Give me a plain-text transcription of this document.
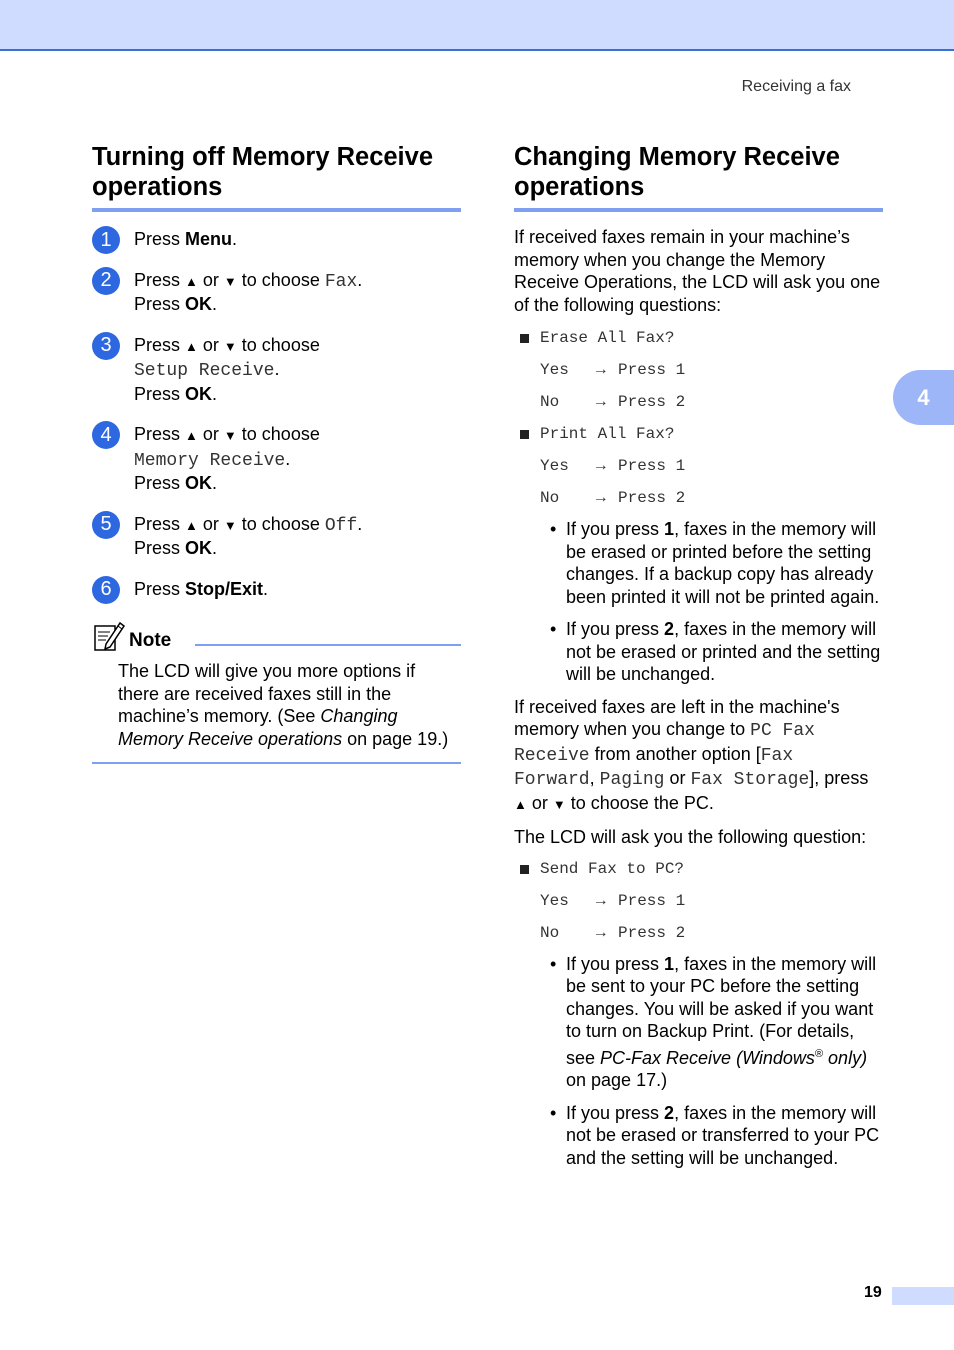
Receiving a fax
4
Turning off Memory Receive operations
1	Press Menu.
2	Press ▲ or ▼ to choose Fax.
Press OK.
3	Press ▲ or ▼ to choose
Setup Receive.
Press OK.
4	Press ▲ or ▼ to choose
Memory Receive.
Press OK.
5	Press ▲ or ▼ to choose Off.
Press OK.
6	Press Stop/Exit.
Note
The LCD will give you more options if there are received faxes still in the machine’s memory. (See Changing Memory Receive operations on page 19.)
Changing Memory Receive operations
If received faxes remain in your machine’s memory when you change the Memory Receive Operations, the LCD will ask you one of the following questions:
Erase All Fax?
Yes	→ Press 1
No	→ Press 2
Print All Fax?
Yes	→ Press 1
No	→ Press 2
• If you press 1, faxes in the memory will be erased or printed before the setting changes. If a backup copy has already been printed it will not be printed again.
• If you press 2, faxes in the memory will not be erased or printed and the setting will be unchanged.
If received faxes are left in the machine's memory when you change to PC Fax Receive from another option [Fax Forward, Paging or Fax Storage], press ▲ or ▼ to choose the PC.
The LCD will ask you the following question:
Send Fax to PC?
Yes	→ Press 1
No	→ Press 2
• If you press 1, faxes in the memory will be sent to your PC before the setting changes. You will be asked if you want to turn on Backup Print. (For details, see PC-Fax Receive (Windows® only) on page 17.)
• If you press 2, faxes in the memory will not be erased or transferred to your PC and the setting will be unchanged.
19
